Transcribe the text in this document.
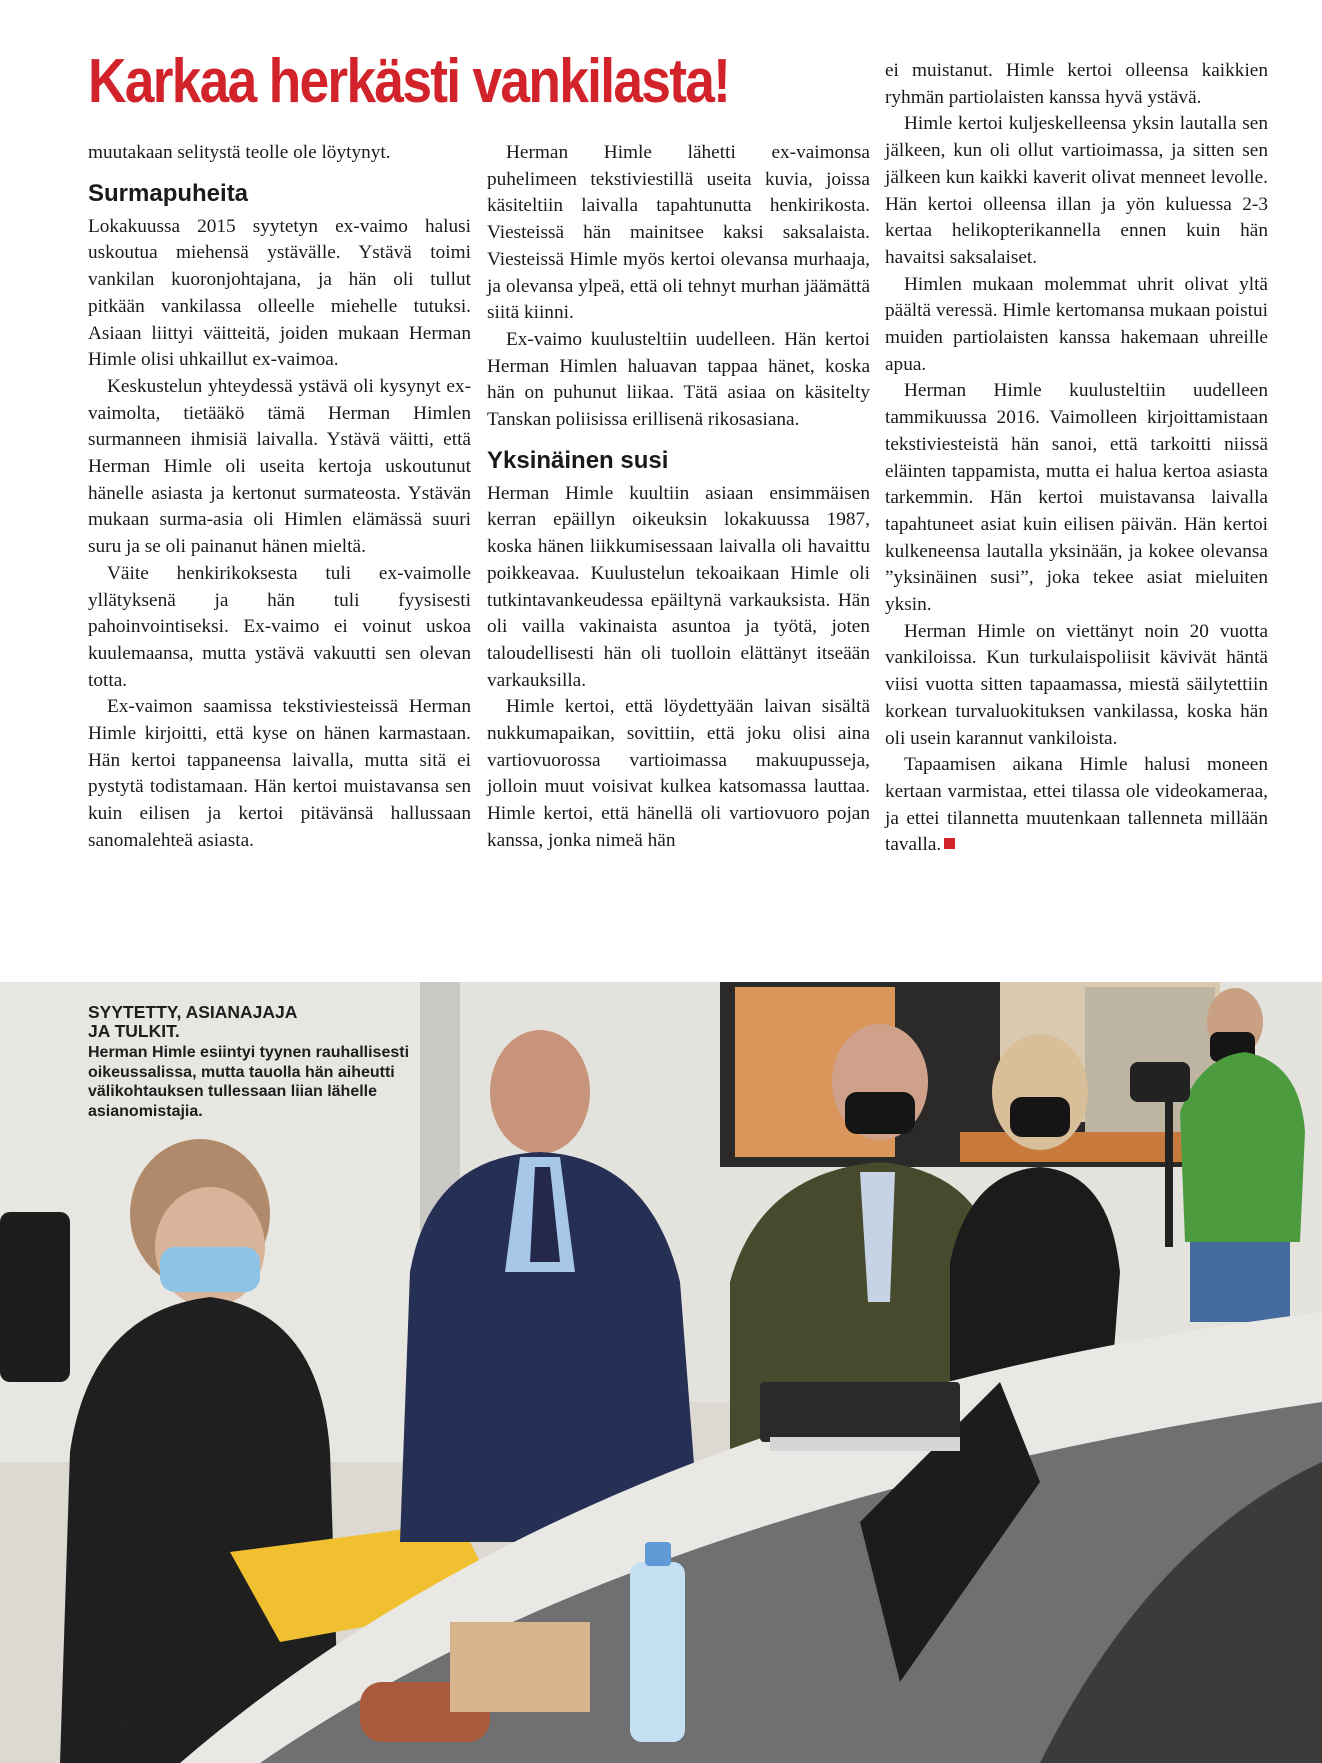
Karkaa herkästi vankilasta!

muutakaan selitystä teolle ole löytynyt.

Surmapuheita

Lokakuussa 2015 syytetyn ex-vaimo halusi uskoutua miehensä ystävälle. Ystävä toimi vankilan kuoronjohtajana, ja hän oli tullut pitkään vankilassa olleelle miehelle tutuksi. Asiaan liittyi väitteitä, joiden mukaan Herman Himle olisi uhkaillut ex-vaimoa.

Keskustelun yhteydessä ystävä oli kysynyt ex-vaimolta, tietääkö tämä Herman Himlen surmanneen ihmisiä laivalla. Ystävä väitti, että Herman Himle oli useita kertoja uskoutunut hänelle asiasta ja kertonut surmateosta. Ystävän mukaan surma-asia oli Himlen elämässä suuri suru ja se oli painanut hänen mieltä.

Väite henkirikoksesta tuli ex-vaimolle yllätyksenä ja hän tuli fyysisesti pahoinvointiseksi. Ex-vaimo ei voinut uskoa kuulemaansa, mutta ystävä vakuutti sen olevan totta.

Ex-vaimon saamissa tekstiviesteissä Herman Himle kirjoitti, että kyse on hänen karmastaan. Hän kertoi tappaneensa laivalla, mutta sitä ei pystytä todistamaan. Hän kertoi muistavansa sen kuin eilisen ja kertoi pitävänsä hallussaan sanomalehteä asiasta.

Herman Himle lähetti ex-vaimonsa puhelimeen tekstiviestillä useita kuvia, joissa käsiteltiin laivalla tapahtunutta henkirikosta. Viesteissä hän mainitsee kaksi saksalaista. Viesteissä Himle myös kertoi olevansa murhaaja, ja olevansa ylpeä, että oli tehnyt murhan jäämättä siitä kiinni.

Ex-vaimo kuulusteltiin uudelleen. Hän kertoi Herman Himlen haluavan tappaa hänet, koska hän on puhunut liikaa. Tätä asiaa on käsitelty Tanskan poliisissa erillisenä rikosasiana.

Yksinäinen susi

Herman Himle kuultiin asiaan ensimmäisen kerran epäillyn oikeuksin lokakuussa 1987, koska hänen liikkumisessaan laivalla oli havaittu poikkeavaa. Kuulustelun tekoaikaan Himle oli tutkintavankeudessa epäiltynä varkauksista. Hän oli vailla vakinaista asuntoa ja työtä, joten taloudellisesti hän oli tuolloin elättänyt itseään varkauksilla.

Himle kertoi, että löydettyään laivan sisältä nukkumapaikan, sovittiin, että joku olisi aina vartiovuorossa vartioimassa makuupusseja, jolloin muut voisivat kulkea katsomassa lauttaa. Himle kertoi, että hänellä oli vartiovuoro pojan kanssa, jonka nimeä hän

ei muistanut. Himle kertoi olleensa kaikkien ryhmän partiolaisten kanssa hyvä ystävä.

Himle kertoi kuljeskelleensa yksin lautalla sen jälkeen, kun oli ollut vartioimassa, ja sitten sen jälkeen kun kaikki kaverit olivat menneet levolle. Hän kertoi olleensa illan ja yön kuluessa 2-3 kertaa helikopterikannella ennen kuin hän havaitsi saksalaiset.

Himlen mukaan molemmat uhrit olivat yltä päältä veressä. Himle kertomansa mukaan poistui muiden partiolaisten kanssa hakemaan uhreille apua.

Herman Himle kuulusteltiin uudelleen tammikuussa 2016. Vaimolleen kirjoittamistaan tekstiviesteistä hän sanoi, että tarkoitti niissä eläinten tappamista, mutta ei halua kertoa asiasta tarkemmin. Hän kertoi muistavansa laivalla tapahtuneet asiat kuin eilisen päivän. Hän kertoi kulkeneensa lautalla yksinään, ja kokee olevansa ”yksinäinen susi”, joka tekee asiat mieluiten yksin.

Herman Himle on viettänyt noin 20 vuotta vankiloissa. Kun turkulaispoliisit kävivät häntä viisi vuotta sitten tapaamassa, miestä säilytettiin korkean turvaluokituksen vankilassa, koska hän oli usein karannut vankiloista.

Tapaamisen aikana Himle halusi moneen kertaan varmistaa, ettei tilassa ole videokameraa, ja ettei tilannetta muutenkaan tallenneta millään tavalla.

SYYTETTY, ASIANAJAJA
JA TULKIT.
Herman Himle esiintyi tyynen rauhallisesti oikeussalissa, mutta tauolla hän aiheutti välikohtauksen tullessaan liian lähelle asianomistajia.
18 ALIBI
